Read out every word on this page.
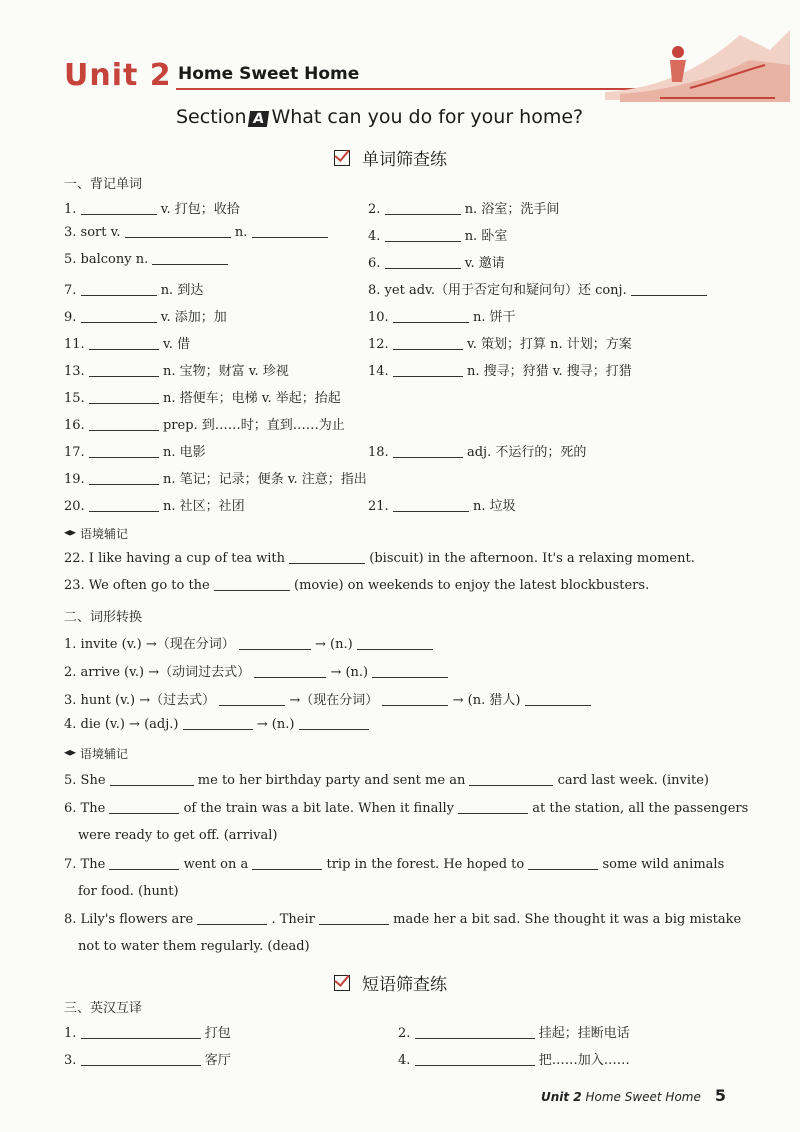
Unit 2 Home Sweet Home
Section A What can you do for your home?
单词筛查练
一、背记单词
1.	v. 打包；收拾	2.	n. 浴室；洗手间
3. sort v.	n.	4.	n. 卧室
5. balcony n.	6.	v. 邀请
7.	n. 到达	8. yet adv.（用于否定句和疑问句）还 conj.
9.	v. 添加；加	10.	n. 饼干
11.	v. 借	12.	v. 策划；打算 n. 计划；方案
13.	n. 宝物；财富 v. 珍视	14.	n. 搜寻；狩猎 v. 搜寻；打猎
15.	n. 搭便车；电梯 v. 举起；抬起
16.	prep. 到……时；直到……为止
17.	n. 电影	18.	adj. 不运行的；死的
19.	n. 笔记；记录；便条 v. 注意；指出
20.	n. 社区；社团	21.	n. 垃圾
语境辅记
22. I like having a cup of tea with	(biscuit) in the afternoon. It's a relaxing moment.
23. We often go to the	(movie) on weekends to enjoy the latest blockbusters.
二、词形转换
1. invite (v.) →（现在分词）	→ (n.)
2. arrive (v.) →（动词过去式）	→ (n.)
3. hunt (v.) →（过去式）	→（现在分词）	→ (n. 猎人)
4. die (v.) → (adj.)	→ (n.)
语境辅记
5. She	me to her birthday party and sent me an	card last week. (invite)
6. The	of the train was a bit late. When it finally	at the station, all the passengers
were ready to get off. (arrival)
7. The	went on a	trip in the forest. He hoped to	some wild animals
for food. (hunt)
8. Lily's flowers are	. Their	made her a bit sad. She thought it was a big mistake
not to water them regularly. (dead)
短语筛查练
三、英汉互译
1.	打包	2.	挂起；挂断电话
3.	客厅	4.	把……加入……
Unit 2 Home Sweet Home 5
